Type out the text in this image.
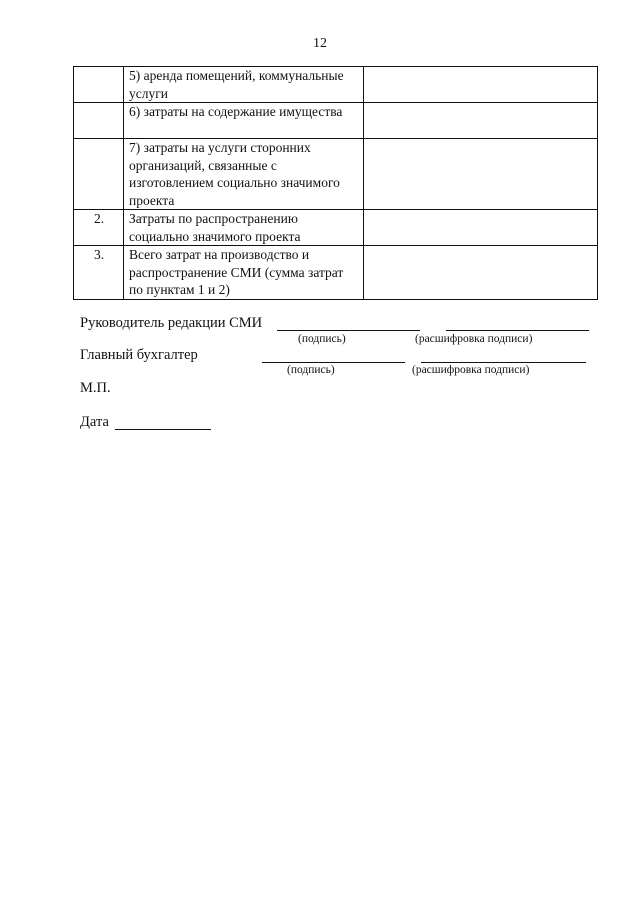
12
	5) аренда помещений, коммунальные услуги	
	6) затраты на содержание имущества	
	7) затраты на услуги сторонних организаций, связанные с изготовлением социально значимого проекта	
2.	Затраты по распространению социально значимого проекта	
3.	Всего затрат на производство и распространение СМИ (сумма затрат по пунктам 1 и 2)	
Руководитель редакции СМИ
(подпись)	(расшифровка подписи)
Главный бухгалтер
(подпись)	(расшифровка подписи)
М.П.
Дата
